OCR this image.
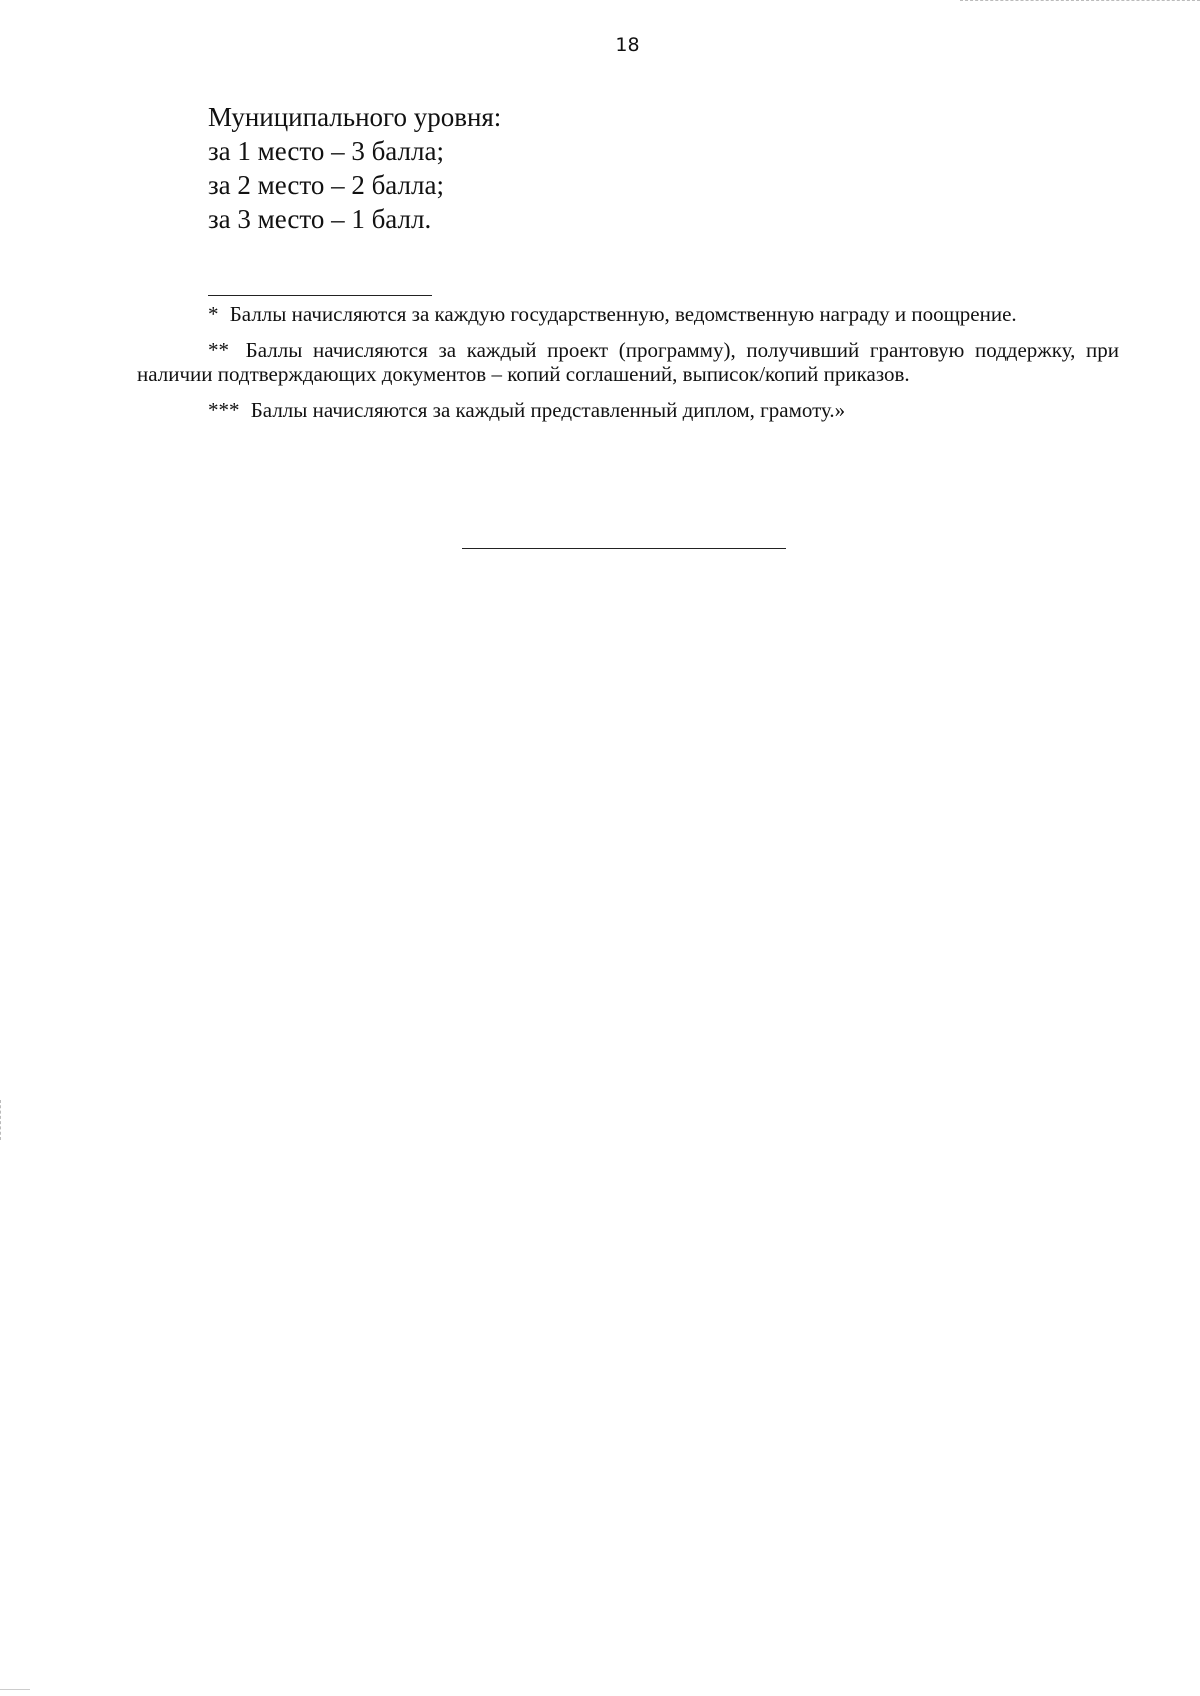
18
Муниципального уровня:
за 1 место – 3 балла;
за 2 место – 2 балла;
за 3 место – 1 балл.

* Баллы начисляются за каждую государственную, ведомственную награду и поощрение.

** Баллы начисляются за каждый проект (программу), получивший грантовую поддержку, при наличии подтверждающих документов – копий соглашений, выписок/копий приказов.

*** Баллы начисляются за каждый представленный диплом, грамоту.»
